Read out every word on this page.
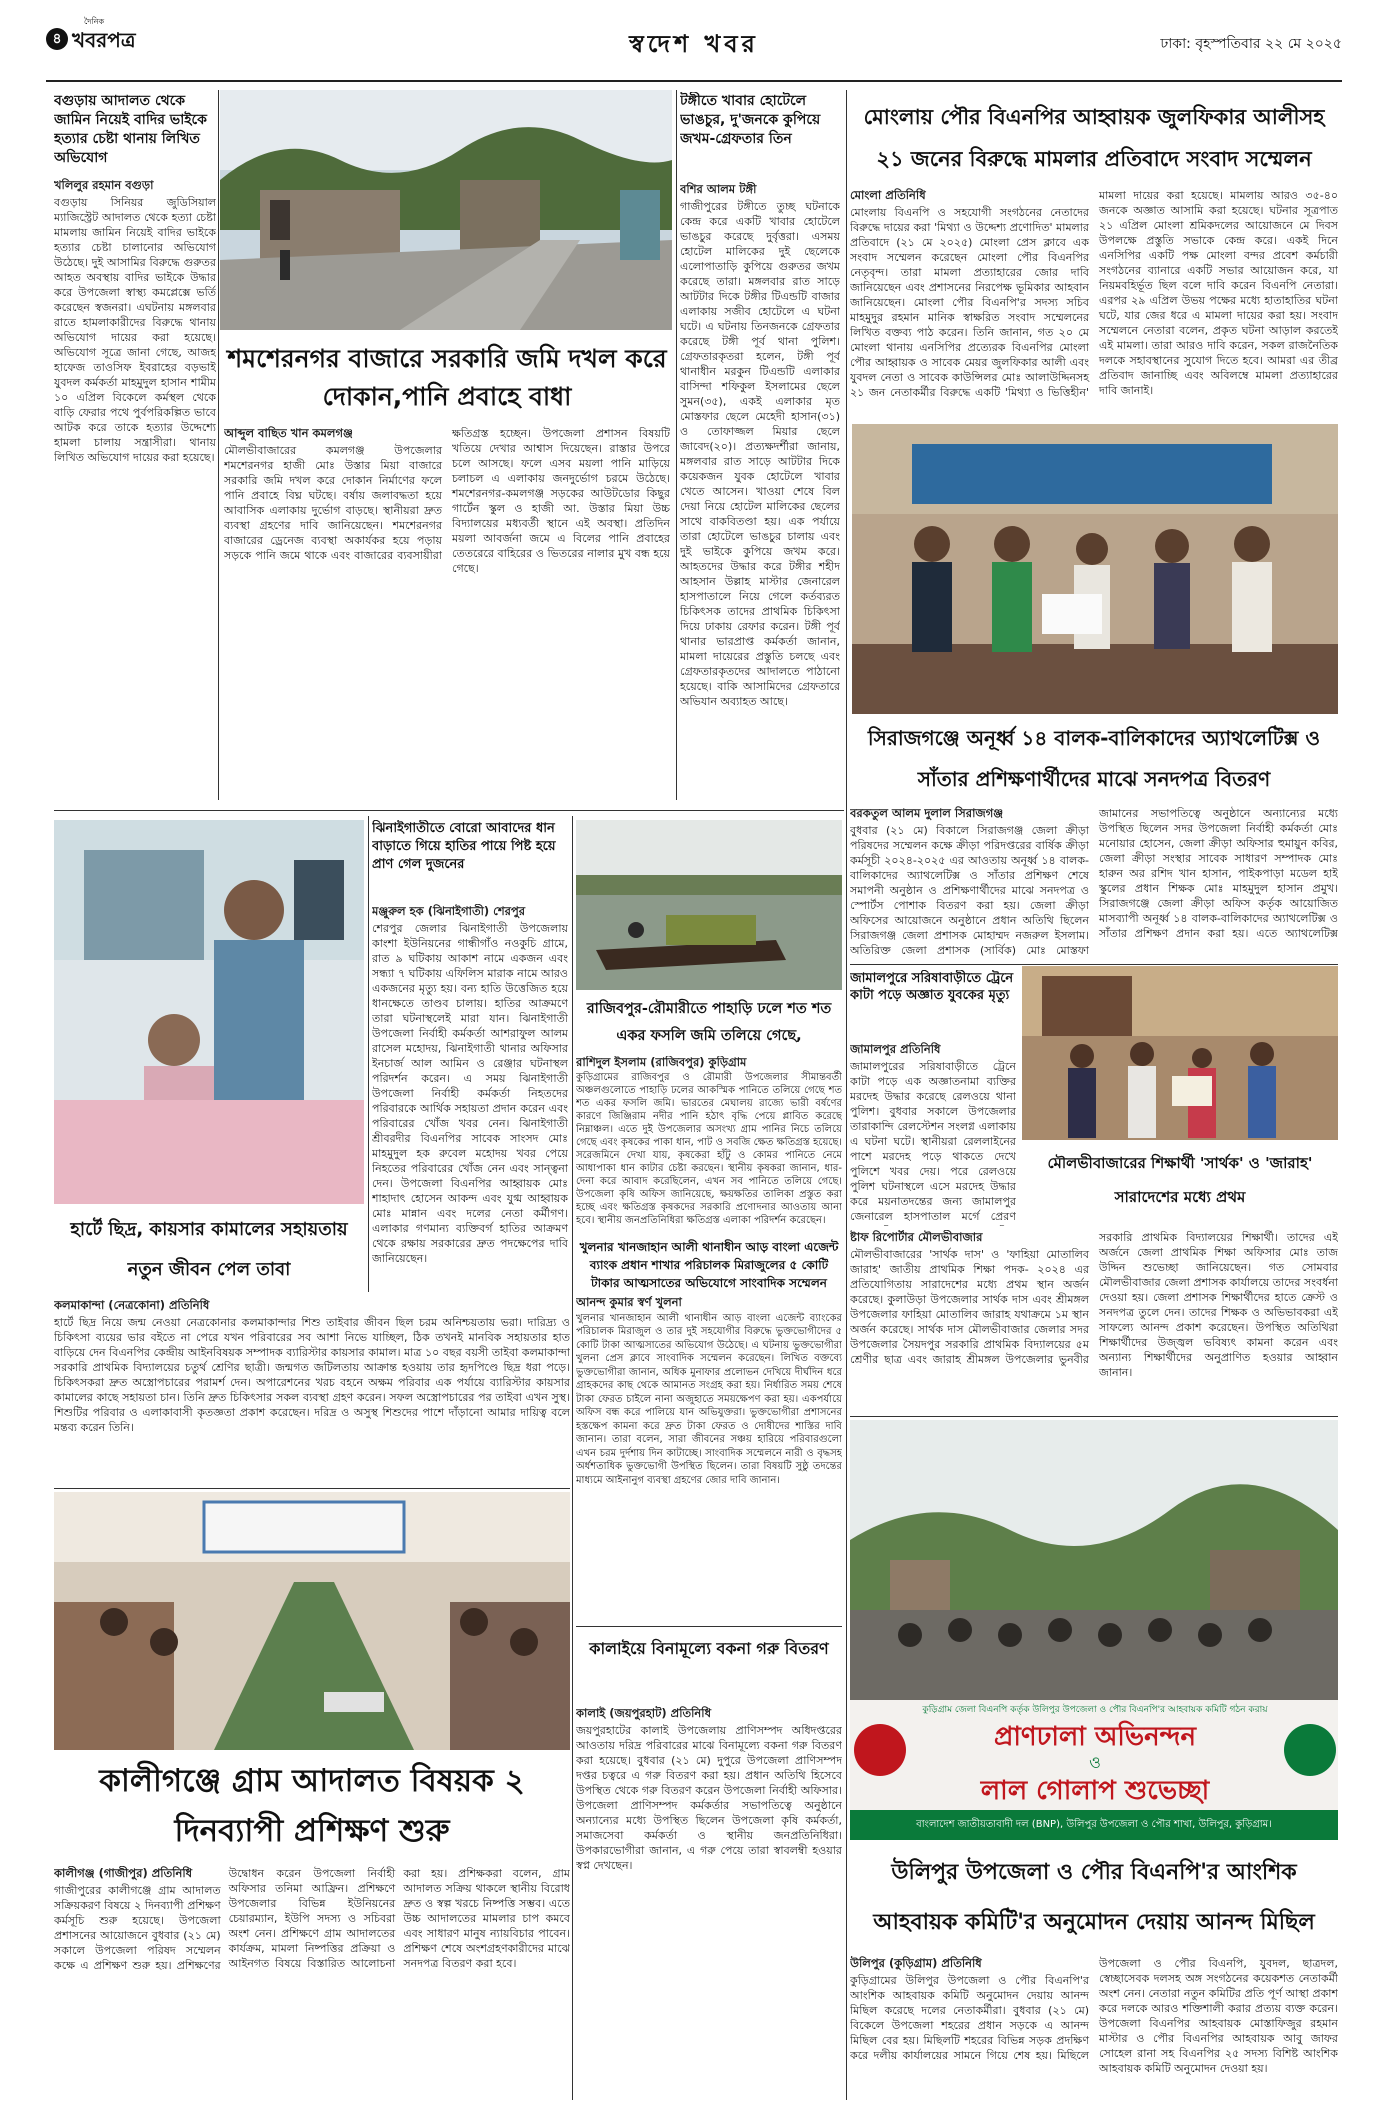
৪
দৈনিক
খবরপত্র	স্বদেশ খবর	ঢাকা: বৃহস্পতিবার ২২ মে ২০২৫
বগুড়ায় আদালত থেকে জামিন নিয়েই বাদির ভাইকে হত্যার চেষ্টা থানায় লিখিত অভিযোগ
খলিলুর রহমান বগুড়া
বগুড়ায় সিনিয়র জুডিসিয়াল ম্যাজিস্ট্রেট আদালত থেকে হত্যা চেষ্টা মামলায় জামিন নিয়েই বাদির ভাইকে হত্যার চেষ্টা চালানোর অভিযোগ উঠেছে। দুই আসামির বিরুদ্ধে গুরুতর আহত অবস্থায় বাদির ভাইকে উদ্ধার করে উপজেলা স্বাস্থ্য কমপ্লেক্সে ভর্তি করেছেন স্বজনরা। এঘটনায় মঙ্গলবার রাতে হামলাকারীদের বিরুদ্ধে থানায় অভিযোগ দায়ের করা হয়েছে। অভিযোগ সূত্রে জানা গেছে, আজহ হাফেজ তাওসিফ ইবরাহের বড়ভাই যুবদল কর্মকর্তা মাহমুদুল হাসান শামীম ১০ এপ্রিল বিকেলে কর্মস্থল থেকে বাড়ি ফেরার পথে পুর্বপরিকল্পিত ভাবে আটক করে তাকে হত্যার উদ্দেশ্যে হামলা চালায় সন্ত্রাসীরা। থানায় লিখিত অভিযোগ দায়ের করা হয়েছে।
শমশেরনগর বাজারে সরকারি জমি দখল করে দোকান,পানি প্রবাহে বাধা
আব্দুল বাছিত খান কমলগঞ্জ
মৌলভীবাজারের কমলগঞ্জ উপজেলার শমশেরনগর হাজী মোঃ উস্তার মিয়া বাজারে সরকারি জমি দখল করে দোকান নির্মাণের ফলে পানি প্রবাহে বিঘ্ন ঘটছে। বর্ষায় জলাবদ্ধতা হয়ে আবাসিক এলাকায় দুর্ভোগ বাড়ছে। স্থানীয়রা দ্রুত ব্যবস্থা গ্রহণের দাবি জানিয়েছেন। শমশেরনগর বাজারের ড্রেনেজ ব্যবস্থা অকার্যকর হয়ে পড়ায় সড়কে পানি জমে থাকে এবং বাজারের ব্যবসায়ীরা ক্ষতিগ্রস্ত হচ্ছেন। উপজেলা প্রশাসন বিষয়টি খতিয়ে দেখার আশ্বাস দিয়েছেন। রাস্তার উপরে চলে আসছে। ফলে এসব ময়লা পানি মাড়িয়ে চলাচল এ এলাকায় জনদুর্ভোগ চরমে উঠেছে। শমশেরনগর-কমলগঞ্জ সড়কের আউটডোর কিছুর গার্টেন স্কুল ও হাজী আ. উস্তার মিয়া উচ্চ বিদ্যালয়ের মধ্যবর্তী স্থানে এই অবস্থা। প্রতিদিন ময়লা আবর্জনা জমে এ বিলের পানি প্রবাহের তেতরেরে বাহিরের ও ভিতরের নালার মুখ বন্ধ হয়ে গেছে।
টঙ্গীতে খাবার হোটেলে ভাঙচুর, দু'জনকে কুপিয়ে জখম-গ্রেফতার তিন
বশির আলম টঙ্গী
গাজীপুরের টঙ্গীতে তুচ্ছ ঘটনাকে কেন্দ্র করে একটি খাবার হোটেলে ভাঙচুর করেছে দুর্বৃত্তরা। এসময় হোটেল মালিকের দুই ছেলেকে এলোপাতাড়ি কুপিয়ে গুরুতর জখম করেছে তারা। মঙ্গলবার রাত সাড়ে আটটার দিকে টঙ্গীর টিএন্ডটি বাজার এলাকায় সজীব হোটেলে এ ঘটনা ঘটে। এ ঘটনায় তিনজনকে গ্রেফতার করেছে টঙ্গী পূর্ব থানা পুলিশ। গ্রেফতারকৃতরা হলেন, টঙ্গী পূর্ব থানাধীন মরকুন টিএন্ডটি এলাকার বাসিন্দা শফিকুল ইসলামের ছেলে সুমন(৩৫), একই এলাকার মৃত মোস্তফার ছেলে মেহেদী হাসান(৩১) ও তোফাজ্জল মিয়ার ছেলে জাবেদ(২০)। প্রত্যক্ষদর্শীরা জানায়, মঙ্গলবার রাত সাড়ে আটটার দিকে কয়েকজন যুবক হোটেলে খাবার খেতে আসেন। খাওয়া শেষে বিল দেয়া নিয়ে হোটেল মালিকের ছেলের সাথে বাকবিতণ্ডা হয়। এক পর্যায়ে তারা হোটেলে ভাঙচুর চালায় এবং দুই ভাইকে কুপিয়ে জখম করে। আহতদের উদ্ধার করে টঙ্গীর শহীদ আহসান উল্লাহ মাস্টার জেনারেল হাসপাতালে নিয়ে গেলে কর্তব্যরত চিকিৎসক তাদের প্রাথমিক চিকিৎসা দিয়ে ঢাকায় রেফার করেন। টঙ্গী পূর্ব থানার ভারপ্রাপ্ত কর্মকর্তা জানান, মামলা দায়েরের প্রস্তুতি চলছে এবং গ্রেফতারকৃতদের আদালতে পাঠানো হয়েছে। বাকি আসামিদের গ্রেফতারে অভিযান অব্যাহত আছে।
মোংলায় পৌর বিএনপির আহ্বায়ক জুলফিকার আলীসহ ২১ জনের বিরুদ্ধে মামলার প্রতিবাদে সংবাদ সম্মেলন
মোংলা প্রতিনিধি
মোংলায় বিএনপি ও সহযোগী সংগঠনের নেতাদের বিরুদ্ধে দায়ের করা 'মিথ্যা ও উদ্দেশ্য প্রণোদিত' মামলার প্রতিবাদে (২১ মে ২০২৫) মোংলা প্রেস ক্লাবে এক সংবাদ সম্মেলন করেছেন মোংলা পৌর বিএনপির নেতৃবৃন্দ। তারা মামলা প্রত্যাহারের জোর দাবি জানিয়েছেন এবং প্রশাসনের নিরপেক্ষ ভূমিকার আহবান জানিয়েছেন। মোংলা পৌর বিএনপি'র সদস্য সচিব মাহমুদুর রহমান মানিক স্বাক্ষরিত সংবাদ সম্মেলনের লিখিত বক্তব্য পাঠ করেন। তিনি জানান, গত ২০ মে মোংলা থানায় এনসিপির প্রত্যেরক বিএনপির মোংলা পৌর আহ্বায়ক ও সাবেক মেয়র জুলফিকার আলী এবং যুবদল নেতা ও সাবেক কাউন্সিলর মোঃ আলাউদ্দিনসহ ২১ জন নেতাকর্মীর বিরুদ্ধে একটি 'মিথ্যা ও ভিত্তিহীন' মামলা দায়ের করা হয়েছে। মামলায় আরও ৩৫-৪০ জনকে অজ্ঞাত আসামি করা হয়েছে। ঘটনার সূত্রপাত ২১ এপ্রিল মোংলা শ্রমিকদলের আয়োজনে মে দিবস উপলক্ষে প্রস্তুতি সভাকে কেন্দ্র করে। একই দিনে এনসিপির একটি পক্ষ মোংলা বন্দর প্রবেশ কর্মচারী সংগঠনের ব্যানারে একটি সভার আয়োজন করে, যা নিয়মবহির্ভূত ছিল বলে দাবি করেন বিএনপি নেতারা। এরপর ২৯ এপ্রিল উভয় পক্ষের মধ্যে হাতাহাতির ঘটনা ঘটে, যার জের ধরে এ মামলা দায়ের করা হয়। সংবাদ সম্মেলনে নেতারা বলেন, প্রকৃত ঘটনা আড়াল করতেই এই মামলা। তারা আরও দাবি করেন, সকল রাজনৈতিক দলকে সহাবস্থানের সুযোগ দিতে হবে। আমরা এর তীব্র প্রতিবাদ জানাচ্ছি এবং অবিলম্বে মামলা প্রত্যাহারের দাবি জানাই।
সিরাজগঞ্জে অনূর্ধ্ব ১৪ বালক-বালিকাদের অ্যাথলেটিক্স ও সাঁতার প্রশিক্ষণার্থীদের মাঝে সনদপত্র বিতরণ
বরকতুল আলম দুলাল সিরাজগঞ্জ
বুধবার (২১ মে) বিকালে সিরাজগঞ্জ জেলা ক্রীড়া পরিষদের সম্মেলন কক্ষে ক্রীড়া পরিদপ্তরের বার্ষিক ক্রীড়া কর্মসূচী ২০২৪-২০২৫ এর আওতায় অনূর্ধ্ব ১৪ বালক-বালিকাদের অ্যাথলেটিক্স ও সাঁতার প্রশিক্ষণ শেষে সমাপনী অনুষ্ঠান ও প্রশিক্ষণার্থীদের মাঝে সনদপত্র ও স্পোর্টস পোশাক বিতরণ করা হয়। জেলা ক্রীড়া অফিসের আয়োজনে অনুষ্ঠানে প্রধান অতিথি ছিলেন সিরাজগঞ্জ জেলা প্রশাসক মোহাম্মদ নজরুল ইসলাম। অতিরিক্ত জেলা প্রশাসক (সার্বিক) মোঃ মোস্তফা জামানের সভাপতিত্বে অনুষ্ঠানে অন্যান্যের মধ্যে উপস্থিত ছিলেন সদর উপজেলা নির্বাহী কর্মকর্তা মোঃ মনোয়ার হোসেন, জেলা ক্রীড়া অফিসার হুমায়ুন কবির, জেলা ক্রীড়া সংস্থার সাবেক সাধারণ সম্পাদক মোঃ হারুন অর রশিদ খান হাসান, পাইকপাড়া মডেল হাই স্কুলের প্রধান শিক্ষক মোঃ মাহমুদুল হাসান প্রমুখ। সিরাজগঞ্জে জেলা ক্রীড়া অফিস কর্তৃক আয়োজিত মাসব্যাপী অনূর্ধ্ব ১৪ বালক-বালিকাদের অ্যাথলেটিক্স ও সাঁতার প্রশিক্ষণ প্রদান করা হয়। এতে অ্যাথলেটিক্স
হার্টে ছিদ্র, কায়সার কামালের সহায়তায় নতুন জীবন পেল তাবা
কলমাকান্দা (নেত্রকোনা) প্রতিনিধি
হার্টে ছিদ্র নিয়ে জন্ম নেওয়া নেত্রকোনার কলমাকান্দার শিশু তাইবার জীবন ছিল চরম অনিশ্চয়তায় ভরা। দারিদ্র্য ও চিকিৎসা ব্যয়ের ভার বইতে না পেরে যখন পরিবারের সব আশা নিভে যাচ্ছিল, ঠিক তখনই মানবিক সহায়তার হাত বাড়িয়ে দেন বিএনপির কেন্দ্রীয় আইনবিষয়ক সম্পাদক ব্যারিস্টার কায়সার কামাল। মাত্র ১০ বছর বয়সী তাইবা কলমাকান্দা সরকারি প্রাথমিক বিদ্যালয়ের চতুর্থ শ্রেণির ছাত্রী। জন্মগত জটিলতায় আক্রান্ত হওয়ায় তার হৃদপিণ্ডে ছিদ্র ধরা পড়ে। চিকিৎসকরা দ্রুত অস্ত্রোপচারের পরামর্শ দেন। অপারেশনের খরচ বহনে অক্ষম পরিবার এক পর্যায়ে ব্যারিস্টার কায়সার কামালের কাছে সহায়তা চান। তিনি দ্রুত চিকিৎসার সকল ব্যবস্থা গ্রহণ করেন। সফল অস্ত্রোপচারের পর তাইবা এখন সুস্থ। শিশুটির পরিবার ও এলাকাবাসী কৃতজ্ঞতা প্রকাশ করেছেন। দরিদ্র ও অসুস্থ শিশুদের পাশে দাঁড়ানো আমার দায়িত্ব বলে মন্তব্য করেন তিনি।
ঝিনাইগাতীতে বোরো আবাদের ধান বাড়াতে গিয়ে হাতির পায়ে পিষ্ট হয়ে প্রাণ গেল দুজনের
মঞ্জুরুল হক (ঝিনাইগাতী) শেরপুর
শেরপুর জেলার ঝিনাইগাতী উপজেলায় কাংশা ইউনিয়নের গান্ধীগাঁও নওকুচি গ্রামে, রাত ৯ ঘটিকায় আকাশ নামে একজন এবং সন্ধ্যা ৭ ঘটিকায় এফিলিস মারাক নামে আরও একজনের মৃত্যু হয়। বন্য হাতি উত্তেজিত হয়ে ধানক্ষেতে তাণ্ডব চালায়। হাতির আক্রমণে তারা ঘটনাস্থলেই মারা যান। ঝিনাইগাতী উপজেলা নির্বাহী কর্মকর্তা আশরাফুল আলম রাসেল মহোদয়, ঝিনাইগাতী থানার অফিসার ইনচার্জ আল আমিন ও রেঞ্জার ঘটনাস্থল পরিদর্শন করেন। এ সময় ঝিনাইগাতী উপজেলা নির্বাহী কর্মকর্তা নিহতদের পরিবারকে আর্থিক সহায়তা প্রদান করেন এবং পরিবারের খোঁজ খবর নেন। ঝিনাইগাতী শ্রীবরদীর বিএনপির সাবেক সাংসদ মোঃ মাহমুদুল হক রুবেল মহোদয় খবর পেয়ে নিহতের পরিবারের খোঁজ নেন এবং সান্ত্বনা দেন। উপজেলা বিএনপির আহ্বায়ক মোঃ শাহাদাৎ হোসেন আকন্দ এবং যুগ্ম আহ্বায়ক মোঃ মান্নান এবং দলের নেতা কর্মীগণ। এলাকার গণমান্য ব্যক্তিবর্গ হাতির আক্রমণ থেকে রক্ষায় সরকারের দ্রুত পদক্ষেপের দাবি জানিয়েছেন।
রাজিবপুর-রৌমারীতে পাহাড়ি ঢলে শত শত একর ফসলি জমি তলিয়ে গেছে,
রাশিদুল ইসলাম (রাজিবপুর) কুড়িগ্রাম
কুড়িগ্রামের রাজিবপুর ও রৌমারী উপজেলার সীমান্তবর্তী অঞ্চলগুলোতে পাহাড়ি ঢলের আকস্মিক পানিতে তলিয়ে গেছে শত শত একর ফসলি জমি। ভারতের মেঘালয় রাজ্যে ভারী বর্ষণের কারণে জিঞ্জিরাম নদীর পানি হঠাৎ বৃদ্ধি পেয়ে প্লাবিত করেছে নিম্নাঞ্চল। এতে দুই উপজেলার অসংখ্য গ্রাম পানির নিচে তলিয়ে গেছে এবং কৃষকের পাকা ধান, পাট ও সবজি ক্ষেত ক্ষতিগ্রস্ত হয়েছে। সরেজমিনে দেখা যায়, কৃষকেরা হাঁটু ও কোমর পানিতে নেমে আধাপাকা ধান কাটার চেষ্টা করছেন। স্থানীয় কৃষকরা জানান, ধার-দেনা করে আবাদ করেছিলেন, এখন সব পানিতে তলিয়ে গেছে। উপজেলা কৃষি অফিস জানিয়েছে, ক্ষয়ক্ষতির তালিকা প্রস্তুত করা হচ্ছে এবং ক্ষতিগ্রস্ত কৃষকদের সরকারি প্রণোদনার আওতায় আনা হবে। স্থানীয় জনপ্রতিনিধিরা ক্ষতিগ্রস্ত এলাকা পরিদর্শন করেছেন।
খুলনার খানজাহান আলী থানাধীন আড় বাংলা এজেন্ট ব্যাংক প্রধান শাখার পরিচালক মিরাজুলের ৫ কোটি টাকার আত্মসাতের অভিযোগে সাংবাদিক সম্মেলন
আনন্দ কুমার স্বর্ণ খুলনা
খুলনার খানজাহান আলী থানাধীন আড় বাংলা এজেন্ট ব্যাংকের পরিচালক মিরাজুল ও তার দুই সহযোগীর বিরুদ্ধে ভুক্তভোগীদের ৫ কোটি টাকা আত্মসাতের অভিযোগ উঠেছে। এ ঘটনায় ভুক্তভোগীরা খুলনা প্রেস ক্লাবে সাংবাদিক সম্মেলন করেছেন। লিখিত বক্তব্যে ভুক্তভোগীরা জানান, অধিক মুনাফার প্রলোভন দেখিয়ে দীর্ঘদিন ধরে গ্রাহকদের কাছ থেকে আমানত সংগ্রহ করা হয়। নির্ধারিত সময় শেষে টাকা ফেরত চাইলে নানা অজুহাতে সময়ক্ষেপণ করা হয়। একপর্যায়ে অফিস বন্ধ করে পালিয়ে যান অভিযুক্তরা। ভুক্তভোগীরা প্রশাসনের হস্তক্ষেপ কামনা করে দ্রুত টাকা ফেরত ও দোষীদের শাস্তির দাবি জানান। তারা বলেন, সারা জীবনের সঞ্চয় হারিয়ে পরিবারগুলো এখন চরম দুর্দশায় দিন কাটাচ্ছে। সাংবাদিক সম্মেলনে নারী ও বৃদ্ধসহ অর্ধশতাধিক ভুক্তভোগী উপস্থিত ছিলেন। তারা বিষয়টি সুষ্ঠু তদন্তের মাধ্যমে আইনানুগ ব্যবস্থা গ্রহণের জোর দাবি জানান।
জামালপুরে সরিষাবাড়ীতে ট্রেনে কাটা পড়ে অজ্ঞাত যুবকের মৃত্যু
জামালপুর প্রতিনিধি
জামালপুরের সরিষাবাড়ীতে ট্রেনে কাটা পড়ে এক অজ্ঞাতনামা ব্যক্তির মরদেহ উদ্ধার করেছে রেলওয়ে থানা পুলিশ। বুধবার সকালে উপজেলার তারাকান্দি রেলস্টেশন সংলগ্ন এলাকায় এ ঘটনা ঘটে। স্থানীয়রা রেললাইনের পাশে মরদেহ পড়ে থাকতে দেখে পুলিশে খবর দেয়। পরে রেলওয়ে পুলিশ ঘটনাস্থলে এসে মরদেহ উদ্ধার করে ময়নাতদন্তের জন্য জামালপুর জেনারেল হাসপাতাল মর্গে প্রেরণ
মৌলভীবাজারের শিক্ষার্থী 'সার্থক' ও 'জারাহ' সারাদেশের মধ্যে প্রথম
ষ্টাফ রিপোর্টার মৌলভীবাজার
মৌলভীবাজারের 'সার্থক দাস' ও 'ফাহিয়া মোতালিব জারাহ' জাতীয় প্রাথমিক শিক্ষা পদক- ২০২৪ এর প্রতিযোগিতায় সারাদেশের মধ্যে প্রথম স্থান অর্জন করেছে। কুলাউড়া উপজেলার সার্থক দাস এবং শ্রীমঙ্গল উপজেলার ফাহিয়া মোতালিব জারাহ যথাক্রমে ১ম স্থান অর্জন করেছে। সার্থক দাস মৌলভীবাজার জেলার সদর উপজেলার সৈয়দপুর সরকারি প্রাথমিক বিদ্যালয়ের ৫ম শ্রেণীর ছাত্র এবং জারাহ শ্রীমঙ্গল উপজেলার ভুনবীর সরকারি প্রাথমিক বিদ্যালয়ের শিক্ষার্থী। তাদের এই অর্জনে জেলা প্রাথমিক শিক্ষা অফিসার মোঃ তাজ উদ্দিন শুভেচ্ছা জানিয়েছেন। গত সোমবার মৌলভীবাজার জেলা প্রশাসক কার্যালয়ে তাদের সংবর্ধনা দেওয়া হয়। জেলা প্রশাসক শিক্ষার্থীদের হাতে ক্রেস্ট ও সনদপত্র তুলে দেন। তাদের শিক্ষক ও অভিভাবকরা এই সাফল্যে আনন্দ প্রকাশ করেছেন। উপস্থিত অতিথিরা শিক্ষার্থীদের উজ্জ্বল ভবিষ্যৎ কামনা করেন এবং অন্যান্য শিক্ষার্থীদের অনুপ্রাণিত হওয়ার আহ্বান জানান।
কালীগঞ্জে গ্রাম আদালত বিষয়ক ২ দিনব্যাপী প্রশিক্ষণ শুরু
কালীগঞ্জ (গাজীপুর) প্রতিনিধি
গাজীপুরের কালীগঞ্জে গ্রাম আদালত সক্রিয়করণ বিষয়ে ২ দিনব্যাপী প্রশিক্ষণ কর্মসূচি শুরু হয়েছে। উপজেলা প্রশাসনের আয়োজনে বুধবার (২১ মে) সকালে উপজেলা পরিষদ সম্মেলন কক্ষে এ প্রশিক্ষণ শুরু হয়। প্রশিক্ষণের উদ্বোধন করেন উপজেলা নির্বাহী অফিসার তনিমা আফ্রিন। প্রশিক্ষণে উপজেলার বিভিন্ন ইউনিয়নের চেয়ারম্যান, ইউপি সদস্য ও সচিবরা অংশ নেন। প্রশিক্ষণে গ্রাম আদালতের কার্যক্রম, মামলা নিষ্পত্তির প্রক্রিয়া ও আইনগত বিষয়ে বিস্তারিত আলোচনা করা হয়। প্রশিক্ষকরা বলেন, গ্রাম আদালত সক্রিয় থাকলে স্থানীয় বিরোধ দ্রুত ও স্বল্প খরচে নিষ্পত্তি সম্ভব। এতে উচ্চ আদালতের মামলার চাপ কমবে এবং সাধারণ মানুষ ন্যায়বিচার পাবেন। প্রশিক্ষণ শেষে অংশগ্রহণকারীদের মাঝে সনদপত্র বিতরণ করা হবে।
কালাইয়ে বিনামূল্যে বকনা গরু বিতরণ
কালাই (জয়পুরহাট) প্রতিনিধি
জয়পুরহাটের কালাই উপজেলায় প্রাণিসম্পদ অধিদপ্তরের আওতায় দরিদ্র পরিবারের মাঝে বিনামূল্যে বকনা গরু বিতরণ করা হয়েছে। বুধবার (২১ মে) দুপুরে উপজেলা প্রাণিসম্পদ দপ্তর চত্বরে এ গরু বিতরণ করা হয়। প্রধান অতিথি হিসেবে উপস্থিত থেকে গরু বিতরণ করেন উপজেলা নির্বাহী অফিসার। উপজেলা প্রাণিসম্পদ কর্মকর্তার সভাপতিত্বে অনুষ্ঠানে অন্যান্যের মধ্যে উপস্থিত ছিলেন উপজেলা কৃষি কর্মকর্তা, সমাজসেবা কর্মকর্তা ও স্থানীয় জনপ্রতিনিধিরা। উপকারভোগীরা জানান, এ গরু পেয়ে তারা স্বাবলম্বী হওয়ার স্বপ্ন দেখছেন।
কুড়িগ্রাম জেলা বিএনপি কর্তৃক উলিপুর উপজেলা ও পৌর বিএনপি'র আহবায়ক কমিটি গঠন করায়
প্রাণঢালা অভিনন্দন
ও
লাল গোলাপ শুভেচ্ছা
বাংলাদেশ জাতীয়তাবাদী দল (BNP), উলিপুর উপজেলা ও পৌর শাখা, উলিপুর, কুড়িগ্রাম।
উলিপুর উপজেলা ও পৌর বিএনপি'র আংশিক আহবায়ক কমিটি'র অনুমোদন দেয়ায় আনন্দ মিছিল
উলিপুর (কুড়িগ্রাম) প্রতিনিধি
কুড়িগ্রামের উলিপুর উপজেলা ও পৌর বিএনপি'র আংশিক আহবায়ক কমিটি অনুমোদন দেয়ায় আনন্দ মিছিল করেছে দলের নেতাকর্মীরা। বুধবার (২১ মে) বিকেলে উপজেলা শহরের প্রধান সড়কে এ আনন্দ মিছিল বের হয়। মিছিলটি শহরের বিভিন্ন সড়ক প্রদক্ষিণ করে দলীয় কার্যালয়ের সামনে গিয়ে শেষ হয়। মিছিলে উপজেলা ও পৌর বিএনপি, যুবদল, ছাত্রদল, স্বেচ্ছাসেবক দলসহ অঙ্গ সংগঠনের কয়েকশত নেতাকর্মী অংশ নেন। নেতারা নতুন কমিটির প্রতি পূর্ণ আস্থা প্রকাশ করে দলকে আরও শক্তিশালী করার প্রত্যয় ব্যক্ত করেন। উপজেলা বিএনপির আহবায়ক মোস্তাফিজুর রহমান মাস্টার ও পৌর বিএনপির আহবায়ক আবু জাফর সোহেল রানা সহ বিএনপির ২৫ সদস্য বিশিষ্ট আংশিক আহবায়ক কমিটি অনুমোদন দেওয়া হয়।
